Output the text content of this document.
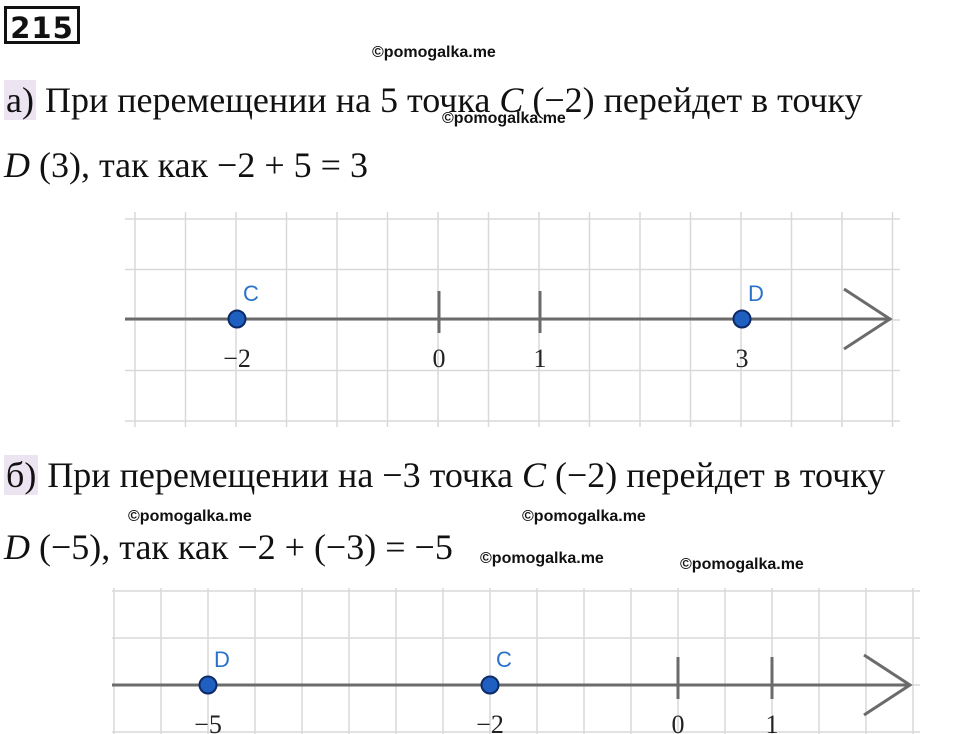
215
©pomogalka.me
©pomogalka.me
©pomogalka.me	©pomogalka.me
©pomogalka.me	©pomogalka.me
а) При перемещении на 5 точка C (−2) перейдет в точку
D (3), так как −2 + 5 = 3
−2	0	1	3
C	D
б) При перемещении на −3 точка C (−2) перейдет в точку
D (−5), так как −2 + (−3) = −5
−5	−2	0	1
D	C
